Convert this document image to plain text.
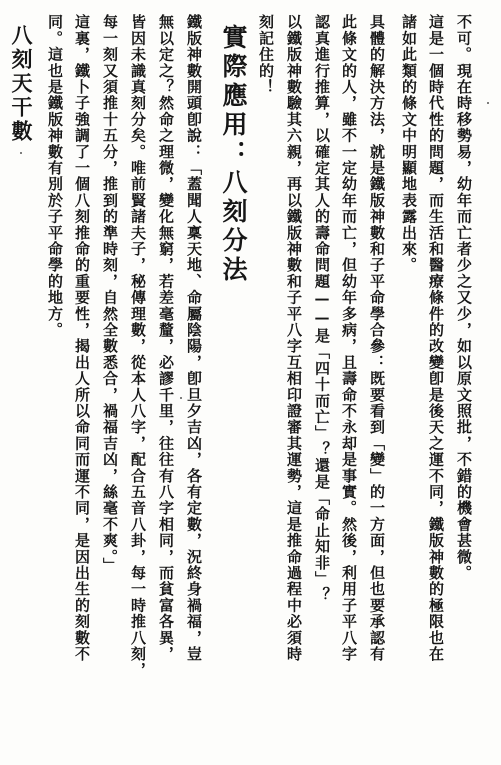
不可。現在時移勢易，幼年而亡者少之又少，如以原文照批，不錯的機會甚微。
這是一個時代性的問題，而生活和醫療條件的改變卽是後天之運不同，鐵版神數的極限也在
諸如此類的條文中明顯地表露出來。
具體的解決方法，就是鐵版神數和子平命學合參：既要看到「變」的一方面，但也要承認有
此條文的人，雖不一定幼年而亡，但幼年多病，且壽命不永却是事實。然後，利用子平八字
認真進行推算，以確定其人的壽命問題——是「四十而亡」？還是「命止知非」？
以鐵版神數驗其六親，再以鐵版神數和子平八字互相印證審其運勢，這是推命過程中必須時
刻記住的！
實際應用：八刻分法
鐵版神數開頭卽說：「蓋聞人稟天地、命屬陰陽，卽旦夕吉凶，各有定數，況終身禍福，豈
無以定之？然命之理微，變化無窮，若差毫釐，必謬千里，往往有八字相同，而貧富各異，
皆因未識真刻分矣。唯前賢諸夫子，秘傳理數，從本人八字，配合五音八卦，每一時推八刻，
每一刻又須推十五分，推到的準時刻，自然全數悉合，禍福吉凶，絲毫不爽。」
這裏，鐵卜子強調了一個八刻推命的重要性，揭出人所以命同而運不同，是因出生的刻數不
同。這也是鐵版神數有別於子平命學的地方。
八刻天干數
